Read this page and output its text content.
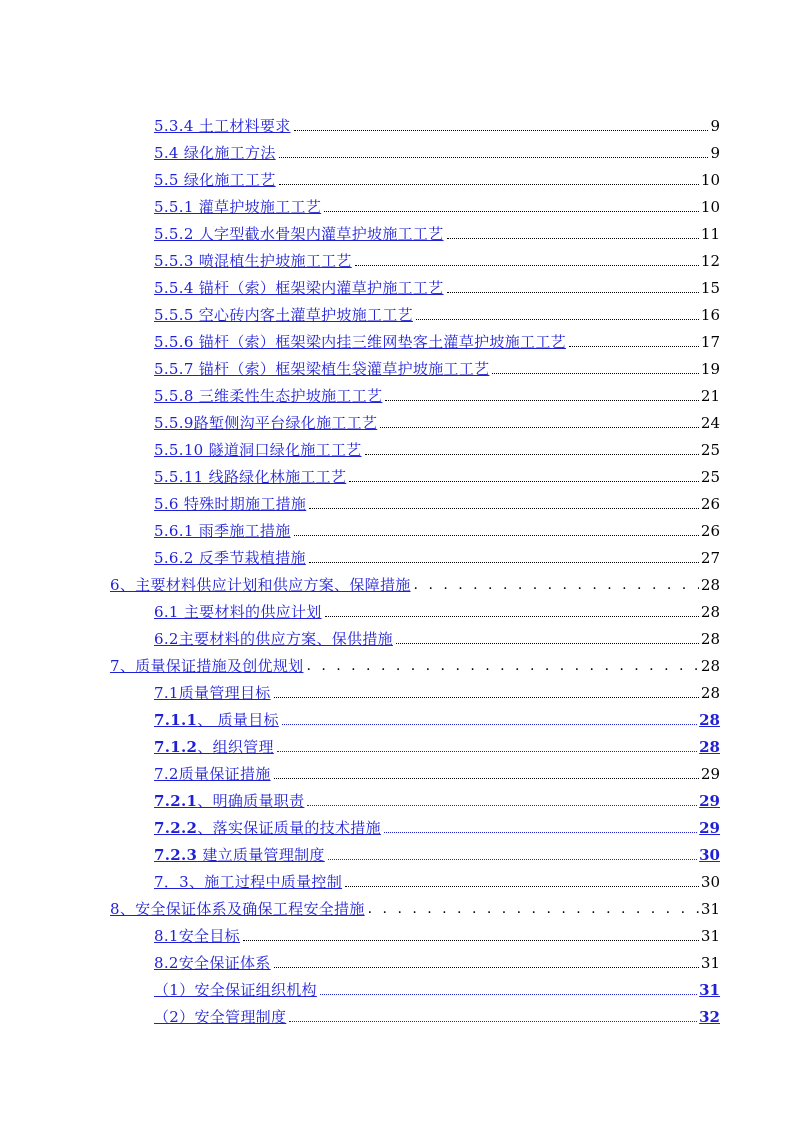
5.3.4 土工材料要求	9
5.4 绿化施工方法	9
5.5 绿化施工工艺	10
5.5.1 灌草护坡施工工艺	10
5.5.2 人字型截水骨架内灌草护坡施工工艺	11
5.5.3 喷混植生护坡施工工艺	12
5.5.4 锚杆（索）框架梁内灌草护施工工艺	15
5.5.5 空心砖内客土灌草护坡施工工艺	16
5.5.6 锚杆（索）框架梁内挂三维网垫客土灌草护坡施工工艺	17
5.5.7 锚杆（索）框架梁植生袋灌草护坡施工工艺	19
5.5.8 三维柔性生态护坡施工工艺	21
5.5.9路堑侧沟平台绿化施工工艺	24
5.5.10 隧道洞口绿化施工工艺	25
5.5.11 线路绿化林施工工艺	25
5.6 特殊时期施工措施	26
5.6.1 雨季施工措施	26
5.6.2 反季节栽植措施	27
6、主要材料供应计划和供应方案、保障措施 . . .	28
6.1 主要材料的供应计划	28
6.2主要材料的供应方案、保供措施	28
7、质量保证措施及创优规划 . . .	28
7.1质量管理目标	28
7.1.1、 质量目标	28
7.1.2、组织管理	28
7.2质量保证措施	29
7.2.1、明确质量职责	29
7.2.2、落实保证质量的技术措施	29
7.2.3 建立质量管理制度	30
7．3、施工过程中质量控制	30
8、安全保证体系及确保工程安全措施 . . .	31
8.1安全目标	31
8.2安全保证体系	31
（1）安全保证组织机构	31
（2）安全管理制度	32
